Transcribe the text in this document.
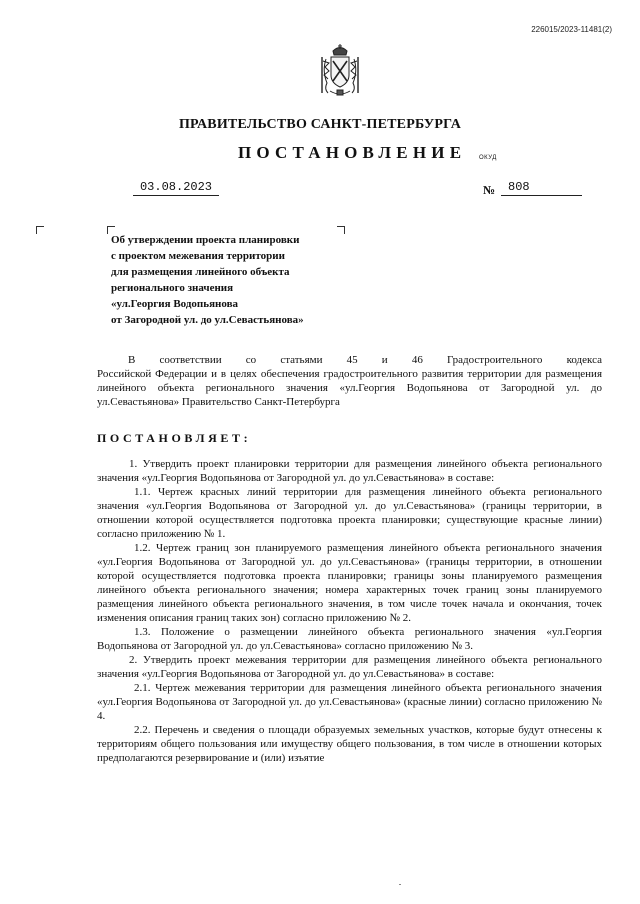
226015/2023-11481(2)
ПРАВИТЕЛЬСТВО САНКТ-ПЕТЕРБУРГА
ПОСТАНОВЛЕНИЕ ОКУД
03.08.2023	№	808
Об утверждении проекта планировки
с проектом межевания территории
для размещения линейного объекта
регионального значения
«ул.Георгия Водопьянова
от Загородной ул. до ул.Севастьянова»
В соответствии со статьями 45 и 46 Градостроительного кодекса
Российской Федерации и в целях обеспечения градостроительного развития территории для размещения линейного объекта регионального значения «ул.Георгия Водопьянова от Загородной ул. до ул.Севастьянова» Правительство Санкт-Петербурга
ПОСТАНОВЛЯЕТ:

1. Утвердить проект планировки территории для размещения линейного объекта регионального значения «ул.Георгия Водопьянова от Загородной ул. до ул.Севастьянова» в составе:

1.1. Чертеж красных линий территории для размещения линейного объекта регионального значения «ул.Георгия Водопьянова от Загородной ул. до ул.Севастьянова» (границы территории, в отношении которой осуществляется подготовка проекта планировки; существующие красные линии) согласно приложению № 1.

1.2. Чертеж границ зон планируемого размещения линейного объекта регионального значения «ул.Георгия Водопьянова от Загородной ул. до ул.Севастьянова» (границы территории, в отношении которой осуществляется подготовка проекта планировки; границы зоны планируемого размещения линейного объекта регионального значения; номера характерных точек границ зоны планируемого размещения линейного объекта регионального значения, в том числе точек начала и окончания, точек изменения описания границ таких зон) согласно приложению № 2.

1.3. Положение о размещении линейного объекта регионального значения «ул.Георгия Водопьянова от Загородной ул. до ул.Севастьянова» согласно приложению № 3.

2. Утвердить проект межевания территории для размещения линейного объекта регионального значения «ул.Георгия Водопьянова от Загородной ул. до ул.Севастьянова» в составе:

2.1. Чертеж межевания территории для размещения линейного объекта регионального значения «ул.Георгия Водопьянова от Загородной ул. до ул.Севастьянова» (красные линии) согласно приложению № 4.

2.2. Перечень и сведения о площади образуемых земельных участков, которые будут отнесены к территориям общего пользования или имуществу общего пользования, в том числе в отношении которых предполагаются резервирование и (или) изъятие
